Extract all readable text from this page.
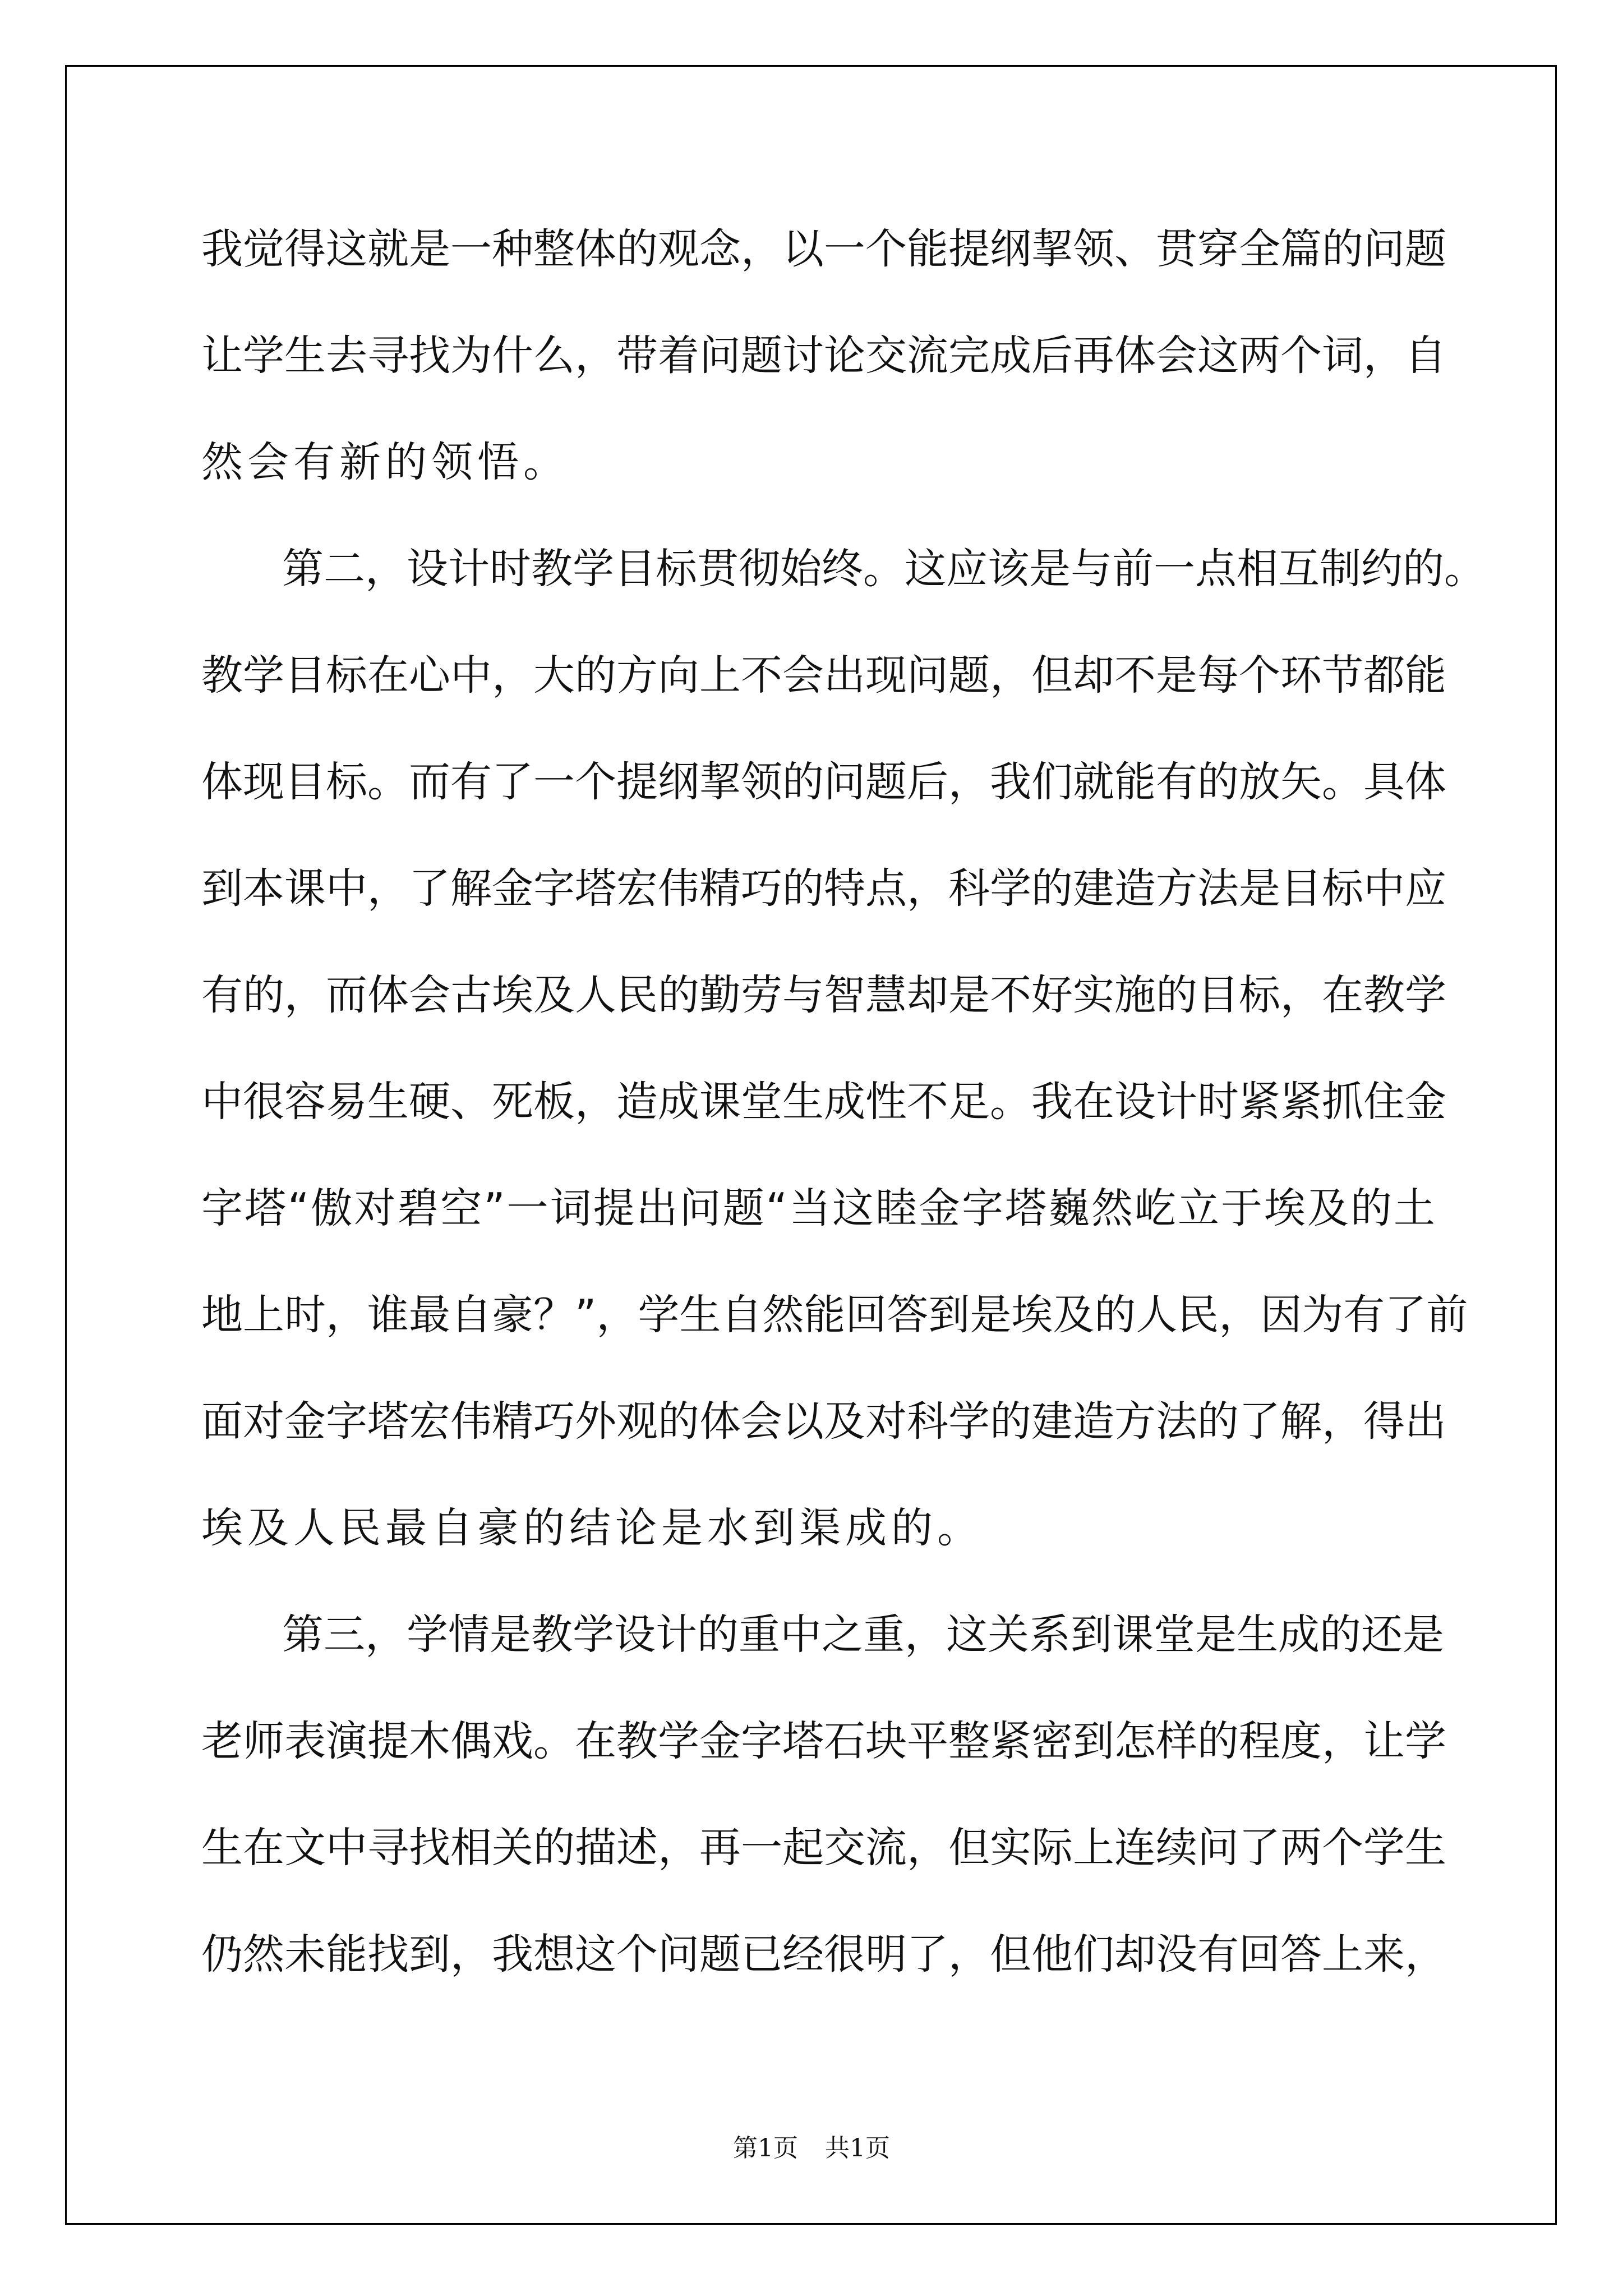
我觉得这就是一种整体的观念，以一个能提纲挈领、贯穿全篇的问题
让学生去寻找为什么，带着问题讨论交流完成后再体会这两个词，自
然会有新的领悟。
第二，设计时教学目标贯彻始终。这应该是与前一点相互制约的。
教学目标在心中，大的方向上不会出现问题，但却不是每个环节都能
体现目标。而有了一个提纲挈领的问题后，我们就能有的放矢。具体
到本课中，了解金字塔宏伟精巧的特点，科学的建造方法是目标中应
有的，而体会古埃及人民的勤劳与智慧却是不好实施的目标，在教学
中很容易生硬、死板，造成课堂生成性不足。我在设计时紧紧抓住金
字塔“傲对碧空”一词提出问题“当这睦金字塔巍然屹立于埃及的土
地上时，谁最自豪？”，学生自然能回答到是埃及的人民，因为有了前
面对金字塔宏伟精巧外观的体会以及对科学的建造方法的了解，得出
埃及人民最自豪的结论是水到渠成的。
第三，学情是教学设计的重中之重，这关系到课堂是生成的还是
老师表演提木偶戏。在教学金字塔石块平整紧密到怎样的程度，让学
生在文中寻找相关的描述，再一起交流，但实际上连续问了两个学生
仍然未能找到，我想这个问题已经很明了，但他们却没有回答上来，
第1页 共1页
